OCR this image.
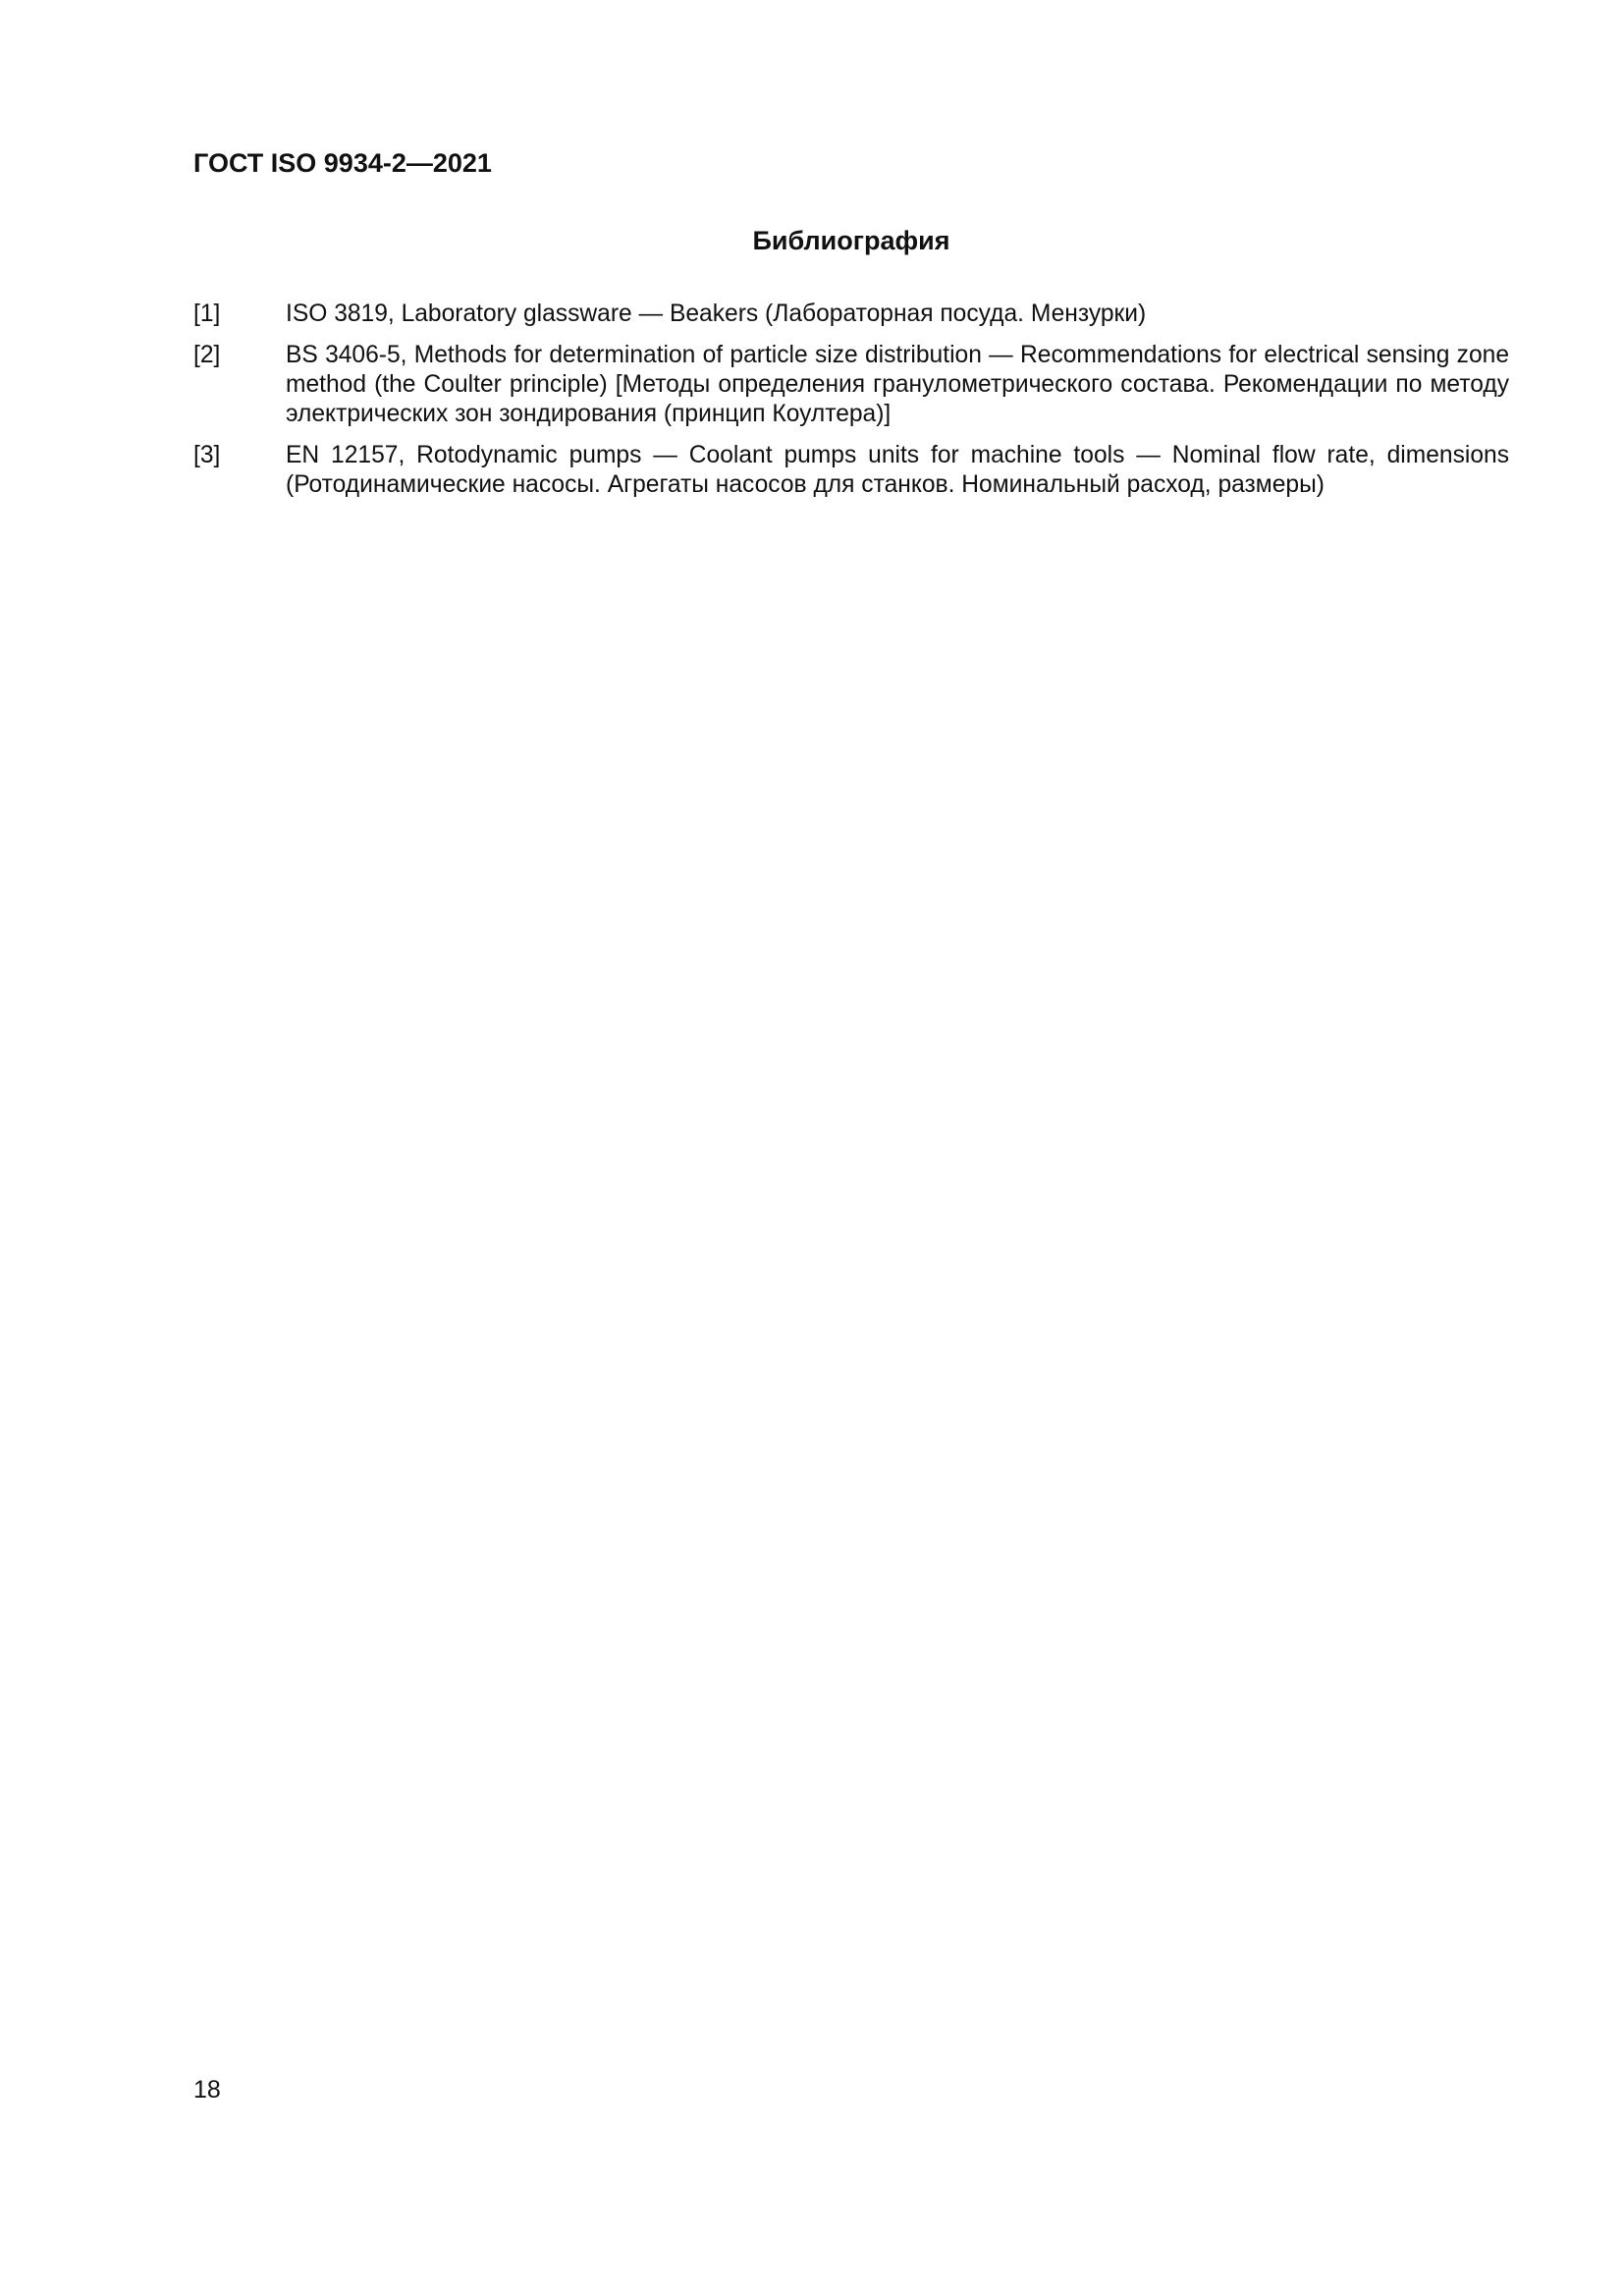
ГОСТ ISO 9934-2—2021
Библиография
[1]	ISO 3819, Laboratory glassware — Beakers (Лабораторная посуда. Мензурки)
[2]	BS 3406-5, Methods for determination of particle size distribution — Recommendations for electrical sensing zone method (the Coulter principle) [Методы определения гранулометрического состава. Рекомендации по методу электрических зон зондирования (принцип Коултера)]
[3]	EN 12157, Rotodynamic pumps — Coolant pumps units for machine tools — Nominal flow rate, dimensions (Ротодинамические насосы. Агрегаты насосов для станков. Номинальный расход, размеры)
18
